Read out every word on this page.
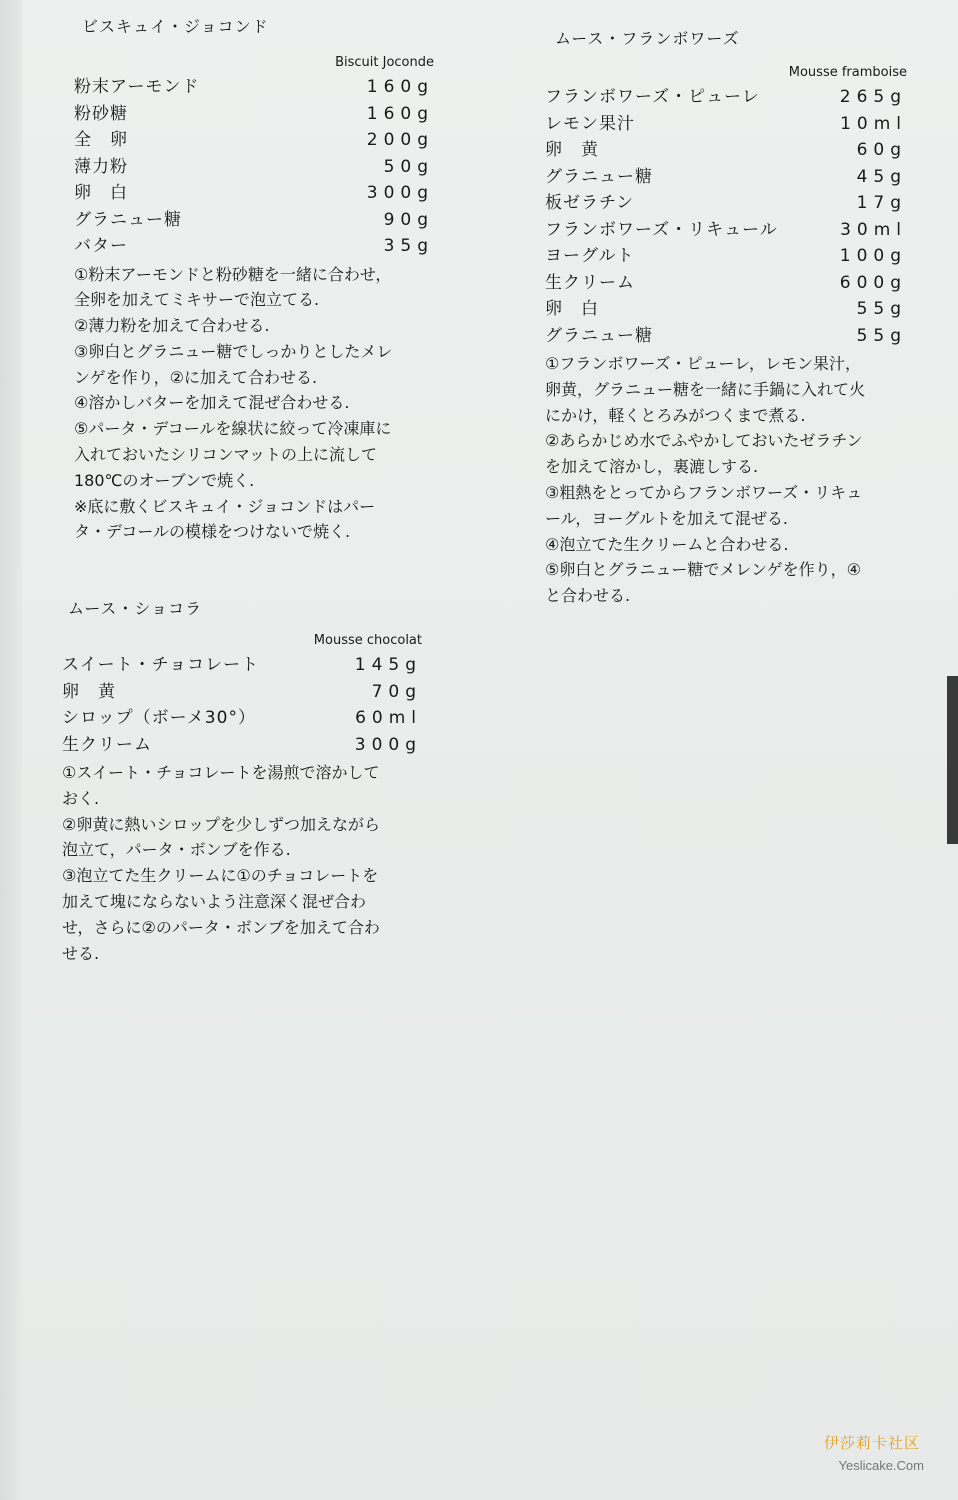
ビスキュイ・ジョコンド
Biscuit Joconde
粉末アーモンド	160g
粉砂糖	160g
全　卵	200g
薄力粉	50g
卵　白	300g
グラニュー糖	90g
バター	35g
①粉末アーモンドと粉砂糖を一緒に合わせ，
全卵を加えてミキサーで泡立てる.
②薄力粉を加えて合わせる.
③卵白とグラニュー糖でしっかりとしたメレ
ンゲを作り，②に加えて合わせる.
④溶かしバターを加えて混ぜ合わせる.
⑤パータ・デコールを線状に絞って冷凍庫に
入れておいたシリコンマットの上に流して
180℃のオーブンで焼く.
※底に敷くビスキュイ・ジョコンドはパー
タ・デコールの模様をつけないで焼く.
ムース・フランボワーズ
Mousse framboise
フランボワーズ・ピューレ	265g
レモン果汁	10ml
卵　黄	60g
グラニュー糖	45g
板ゼラチン	17g
フランボワーズ・リキュール	30ml
ヨーグルト	100g
生クリーム	600g
卵　白	55g
グラニュー糖	55g
①フランボワーズ・ピューレ，レモン果汁，
卵黄，グラニュー糖を一緒に手鍋に入れて火
にかけ，軽くとろみがつくまで煮る.
②あらかじめ水でふやかしておいたゼラチン
を加えて溶かし，裏漉しする.
③粗熱をとってからフランボワーズ・リキュ
ール，ヨーグルトを加えて混ぜる.
④泡立てた生クリームと合わせる.
⑤卵白とグラニュー糖でメレンゲを作り，④
と合わせる.
ムース・ショコラ
Mousse chocolat
スイート・チョコレート	145g
卵　黄	70g
シロップ（ボーメ30°）	60ml
生クリーム	300g
①スイート・チョコレートを湯煎で溶かして
おく.
②卵黄に熱いシロップを少しずつ加えながら
泡立て，パータ・ボンブを作る.
③泡立てた生クリームに①のチョコレートを
加えて塊にならないよう注意深く混ぜ合わ
せ，さらに②のパータ・ボンブを加えて合わ
せる.
伊莎莉卡社区
Yeslicake.Com
